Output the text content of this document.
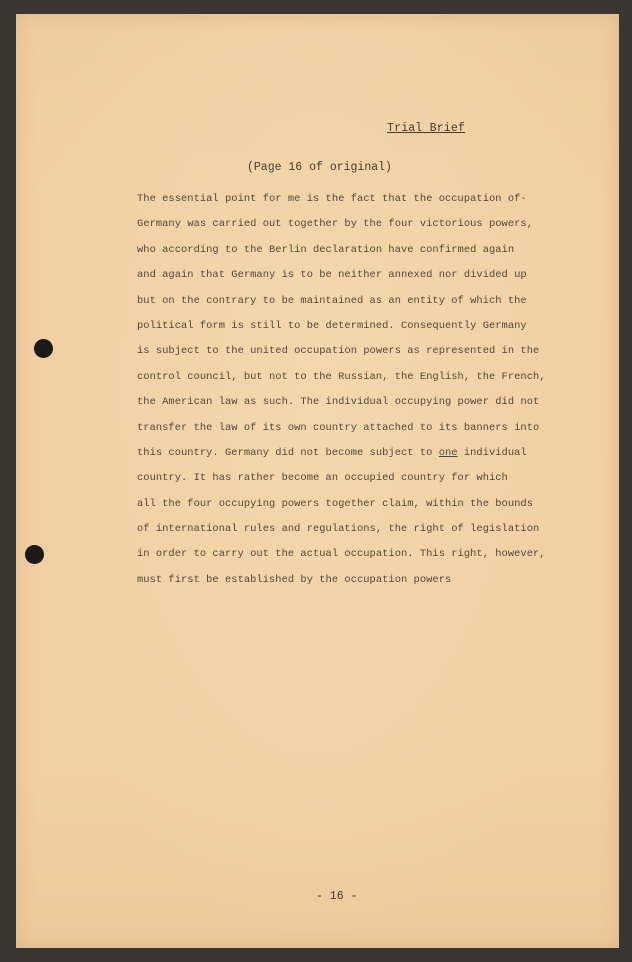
Trial Brief
(Page 16 of original)
The essential point for me is the fact that the occupation of-
Germany was carried out together by the four victorious powers,
who according to the Berlin declaration have confirmed again
and again that Germany is to be neither annexed nor divided up
but on the contrary to be maintained as an entity of which the
political form is still to be determined. Consequently Germany
is subject to the united occupation powers as represented in the
control council, but not to the Russian, the English, the French,
the American law as such. The individual occupying power did not
transfer the law of its own country attached to its banners into
this country. Germany did not become subject to one individual
country. It has rather become an occupied country for which
all the four occupying powers together claim, within the bounds
of international rules and regulations, the right of legislation
in order to carry out the actual occupation. This right, however,
must first be established by the occupation powers
- 16 -
